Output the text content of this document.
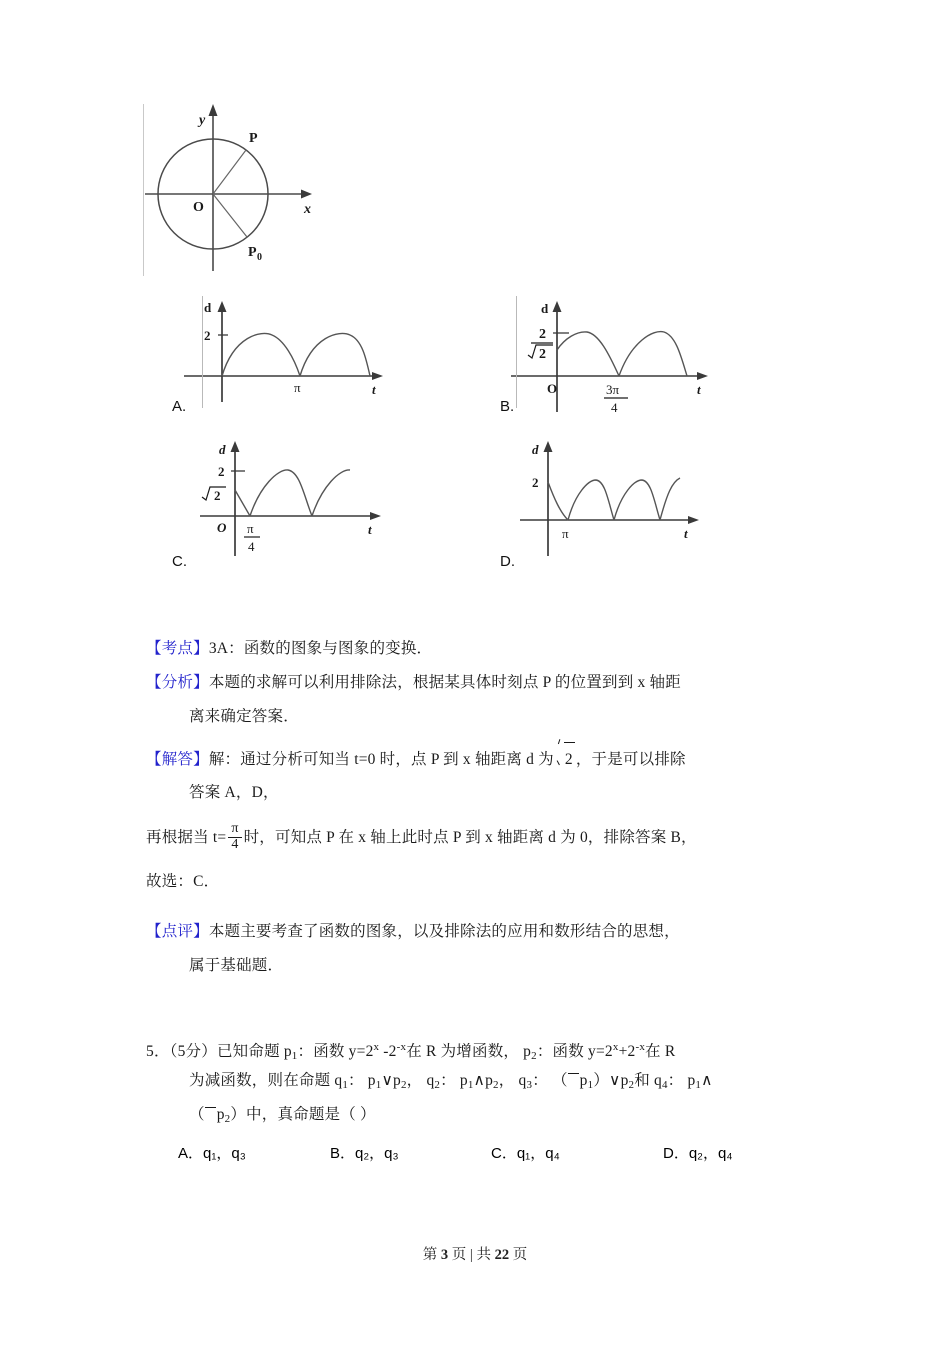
y
x
O
P
P 0
d
2
π	t
A.
d
2
2
O	3π
4
t
B.
d
2
2
O π
4
t
C.
d
2
π	t
D.
【考点】3A：函数的图象与图象的变换．
【分析】本题的求解可以利用排除法，根据某具体时刻点 P 的位置到到 x 轴距
离来确定答案．
【解答】解：通过分析可知当 t=0 时，点 P 到 x 轴距离 d 为 2 ，于是可以排除
答案 A，D，
再根据当 $t= \frac{\pi}{4}$ 时，可知点 P 在 x 轴上此时点 P 到 x 轴距离 d 为 0，排除答案 B，
故选：C．
【点评】本题主要考查了函数的图象，以及排除法的应用和数形结合的思想，
属于基础题．
5．（5分）已知命题 $p_1$：函数 $y=2^x$ $-2^{-x}$在 R 为增函数， $p_2$：函数 $y=2^x+2^{-x}$在 R
为减函数，则在命题 $q_1$： $p_1\vee p_2$， $q_2$： $p_1\wedge p_2$， $q_3$： （ $p_1)\vee p_2$和 $q_4$： $p_1\wedge$
（ $p_2$）中，真命题是（ ）
A．q₁，q₃	B．q₂，q₃	C．q₁，q₄	D．q₂，q₄
第 3 页 | 共 22 页
